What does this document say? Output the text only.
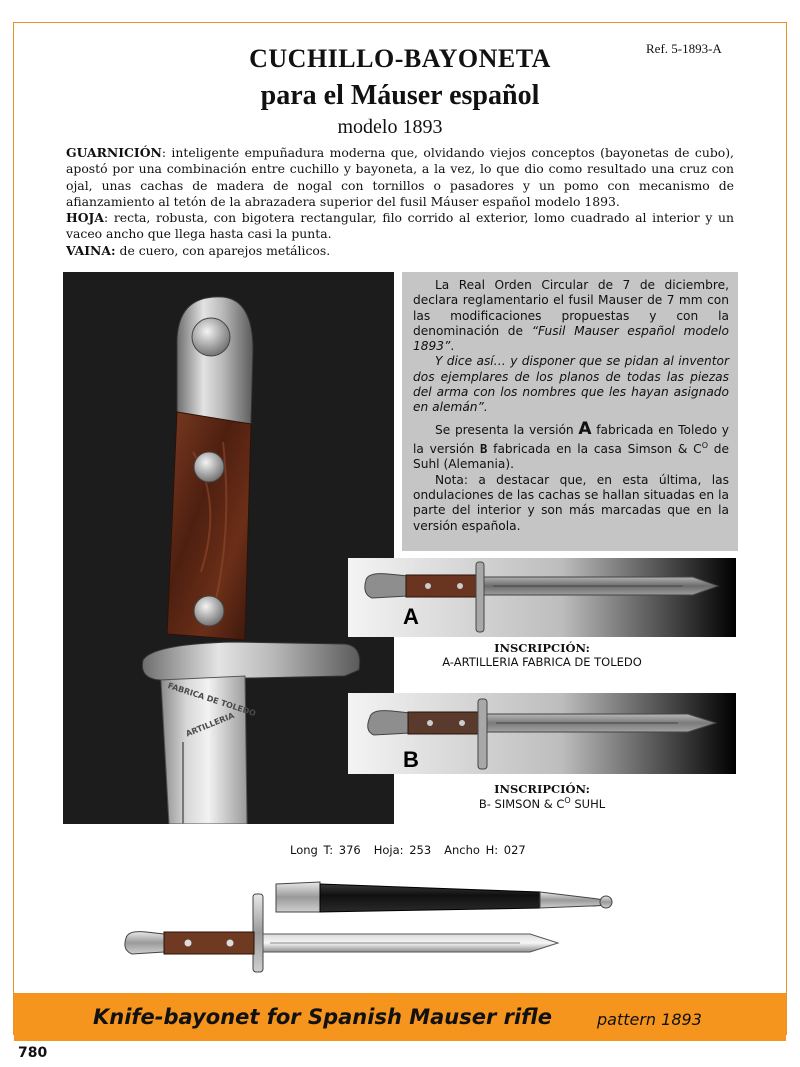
Ref. 5-1893-A
CUCHILLO-BAYONETA
para el Máuser español
modelo 1893

GUARNICIÓN: inteligente empuñadura moderna que, olvidando viejos conceptos (bayonetas de cubo), apostó por una combinación entre cuchillo y bayoneta, a la vez, lo que dio como resultado una cruz con ojal, unas cachas de madera de nogal con tornillos o pasadores y un pomo con mecanismo de afianzamiento al tetón de la abrazadera superior del fusil Máuser español modelo 1893.

HOJA: recta, robusta, con bigotera rectangular, filo corrido al exterior, lomo cuadrado al interior y un vaceo ancho que llega hasta casi la punta.

VAINA: de cuero, con aparejos metálicos.

FABRICA DE TOLEDO
ARTILLERIA

La Real Orden Circular de 7 de diciembre, declara reglamentario el fusil Mauser de 7 mm con las modificaciones propuestas y con la denominación de “Fusil Mauser español modelo 1893”.

Y dice así… y disponer que se pidan al inventor dos ejemplares de los planos de todas las piezas del arma con los nombres que les hayan asignado en alemán”.

Se presenta la versión A fabricada en Toledo y la versión B fabricada en la casa Simson & $C^O$ de Suhl (Alemania).

Nota: a destacar que, en esta última, las ondulaciones de las cachas se hallan situadas en la parte del interior y son más marcadas que en la versión española.

A
INSCRIPCIÓN:
A-ARTILLERIA FABRICA DE TOLEDO
B
INSCRIPCIÓN:
B- SIMSON & $C^O$ SUHL
Long T: 376 Hoja: 253 Ancho H: 027
Knife-bayonet for Spanish Mauser rifle	pattern 1893
780
